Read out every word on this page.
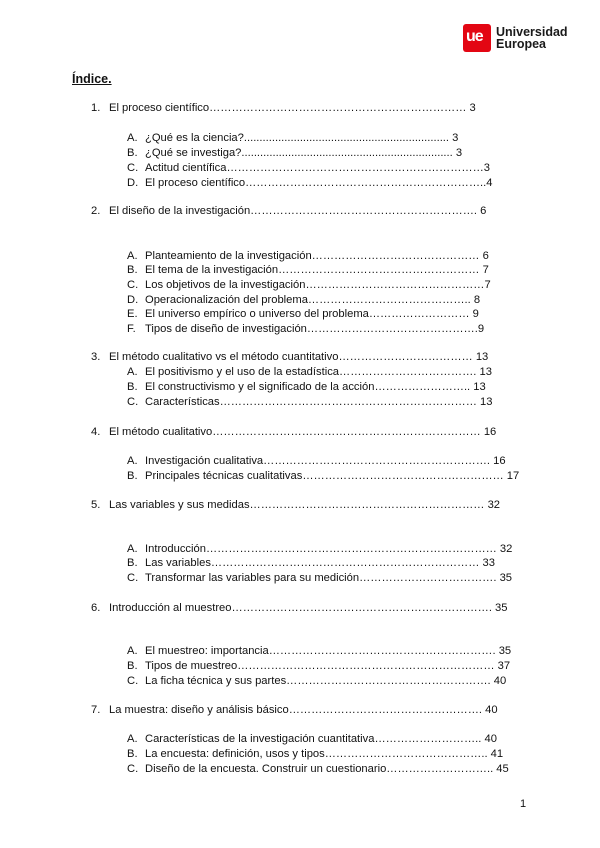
ue Universidad
Europea
Índice.
1. El proceso científico…………………………………………………………… 3
A. ¿Qué es la ciencia?.................................................................. 3
B. ¿Qué se investiga?.................................................................... 3
C. Actitud científica……………………………………………………………3
D. El proceso científico………………………………………………………..4
2. El diseño de la investigación……………………………………………………. 6
A. Planteamiento de la investigación……………………………………… 6
B. El tema de la investigación……………………………………………… 7
C. Los objetivos de la investigación…………………………………………7
D. Operacionalización del problema…………………………………….. 8
E. El universo empírico o universo del problema……………………… 9
F. Tipos de diseño de investigación……………………………………….9
3. El método cualitativo vs el método cuantitativo……………………………… 13
A. El positivismo y el uso de la estadística………………………………. 13
B. El constructivismo y el significado de la acción…………………….. 13
C. Características…………………………………………………………… 13
4. El método cualitativo……………………………………………………………… 16
A. Investigación cualitativa……………………………………………………. 16
B. Principales técnicas cualitativas……………………………………………… 17
5. Las variables y sus medidas……………………………………………………… 32
A. Introducción…………………………………………………………………… 32
B. Las variables……………………………………………………………… 33
C. Transformar las variables para su medición………………………………. 35
6. Introducción al muestreo……………………………………………………………. 35
A. El muestreo: importancia……………………………………………………. 35
B. Tipos de muestreo…………………………………………………………… 37
C. La ficha técnica y sus partes………………………………………………. 40
7. La muestra: diseño y análisis básico……………………………………………. 40
A. Características de la investigación cuantitativa……………………….. 40
B. La encuesta: definición, usos y tipos…………………………………….. 41
C. Diseño de la encuesta. Construir un cuestionario……………………….. 45
1
